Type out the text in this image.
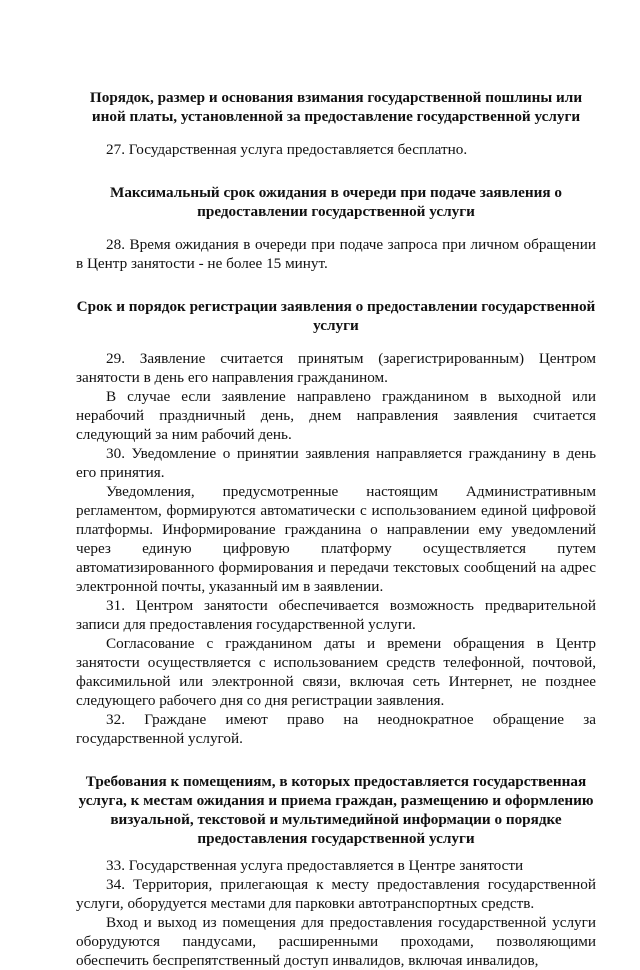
Порядок, размер и основания взимания государственной пошлины или иной платы, установленной за предоставление государственной услуги
27. Государственная услуга предоставляется бесплатно.
Максимальный срок ожидания в очереди при подаче заявления о предоставлении государственной услуги
28. Время ожидания в очереди при подаче запроса при личном обращении в Центр занятости - не более 15 минут.
Срок и порядок регистрации заявления о предоставлении государственной услуги
29. Заявление считается принятым (зарегистрированным) Центром занятости в день его направления гражданином.
В случае если заявление направлено гражданином в выходной или нерабочий праздничный день, днем направления заявления считается следующий за ним рабочий день.
30. Уведомление о принятии заявления направляется гражданину в день его принятия.
Уведомления, предусмотренные настоящим Административным регламентом, формируются автоматически с использованием единой цифровой платформы. Информирование гражданина о направлении ему уведомлений через единую цифровую платформу осуществляется путем автоматизированного формирования и передачи текстовых сообщений на адрес электронной почты, указанный им в заявлении.
31. Центром занятости обеспечивается возможность предварительной записи для предоставления государственной услуги.
Согласование с гражданином даты и времени обращения в Центр занятости осуществляется с использованием средств телефонной, почтовой, факсимильной или электронной связи, включая сеть Интернет, не позднее следующего рабочего дня со дня регистрации заявления.
32. Граждане имеют право на неоднократное обращение за государственной услугой.
Требования к помещениям, в которых предоставляется государственная услуга, к местам ожидания и приема граждан, размещению и оформлению визуальной, текстовой и мультимедийной информации о порядке предоставления государственной услуги
33. Государственная услуга предоставляется в Центре занятости
34. Территория, прилегающая к месту предоставления государственной услуги, оборудуется местами для парковки автотранспортных средств.
Вход и выход из помещения для предоставления государственной услуги оборудуются пандусами, расширенными проходами, позволяющими обеспечить беспрепятственный доступ инвалидов, включая инвалидов,
